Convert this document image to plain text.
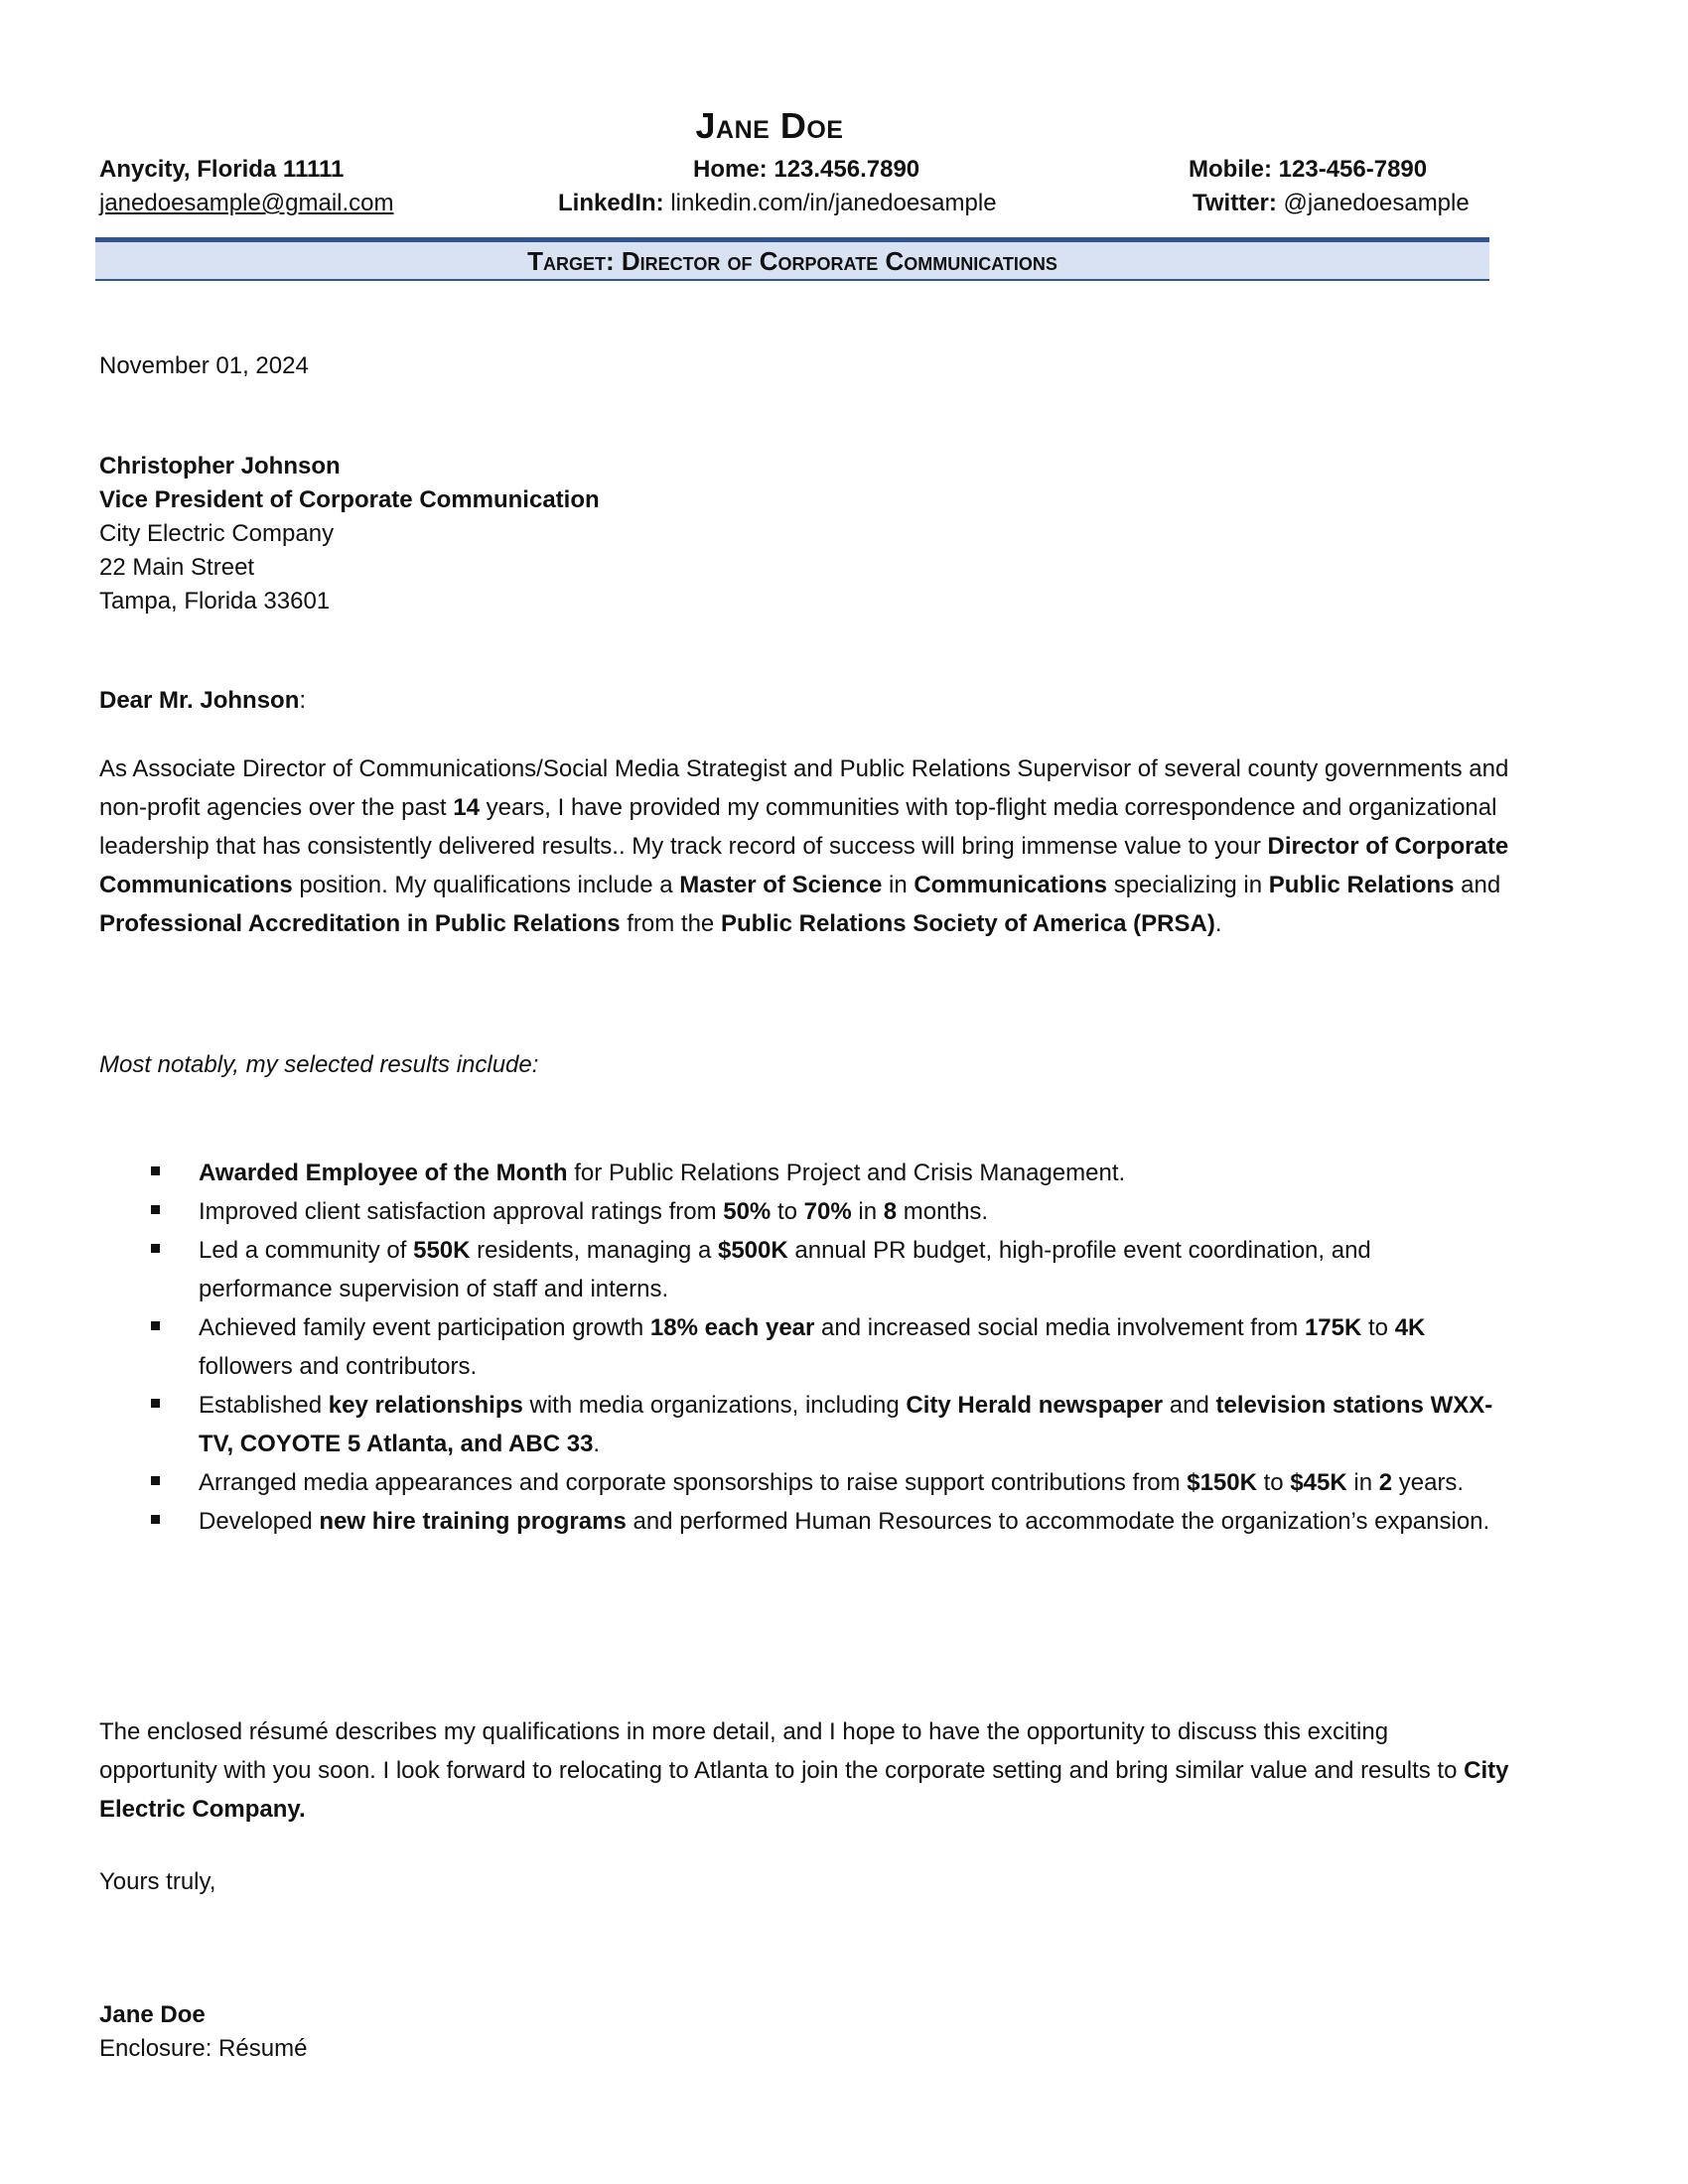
Jane Doe
Anycity, Florida 11111	Home: 123.456.7890	Mobile: 123-456-7890
janedoesample@gmail.com	LinkedIn: linkedin.com/in/janedoesample	Twitter: @janedoesample
Target: Director of Corporate Communications
November 01, 2024
Christopher Johnson
Vice President of Corporate Communication
City Electric Company
22 Main Street
Tampa, Florida 33601
Dear Mr. Johnson:
As Associate Director of Communications/Social Media Strategist and Public Relations Supervisor of several county governments and non-profit agencies over the past 14 years, I have provided my communities with top-flight media correspondence and organizational leadership that has consistently delivered results.. My track record of success will bring immense value to your Director of Corporate Communications position. My qualifications include a Master of Science in Communications specializing in Public Relations and Professional Accreditation in Public Relations from the Public Relations Society of America (PRSA).
Most notably, my selected results include:
Awarded Employee of the Month for Public Relations Project and Crisis Management.
Improved client satisfaction approval ratings from 50% to 70% in 8 months.
Led a community of 550K residents, managing a $500K annual PR budget, high-profile event coordination, and performance supervision of staff and interns.
Achieved family event participation growth 18% each year and increased social media involvement from 175K to 4K followers and contributors.
Established key relationships with media organizations, including City Herald newspaper and television stations WXX-TV, COYOTE 5 Atlanta, and ABC 33.
Arranged media appearances and corporate sponsorships to raise support contributions from $150K to $45K in 2 years.
Developed new hire training programs and performed Human Resources to accommodate the organization’s expansion.
The enclosed résumé describes my qualifications in more detail, and I hope to have the opportunity to discuss this exciting opportunity with you soon. I look forward to relocating to Atlanta to join the corporate setting and bring similar value and results to City Electric Company.
Yours truly,
Jane Doe
Enclosure: Résumé
